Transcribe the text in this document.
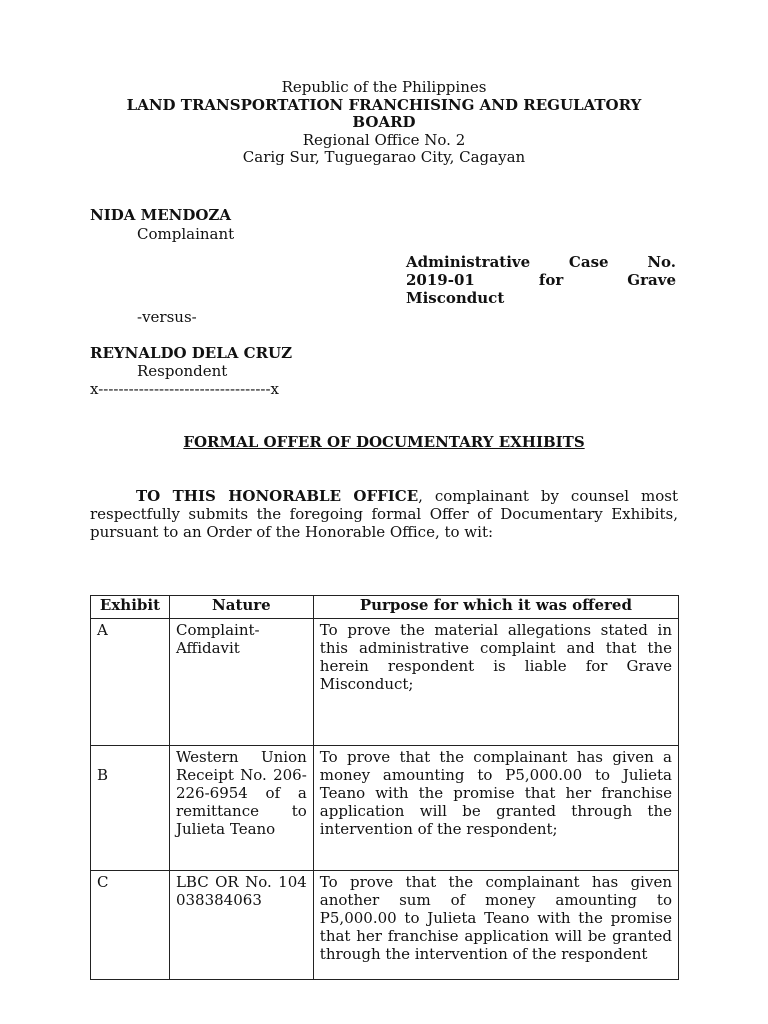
Republic of the Philippines
LAND TRANSPORTATION FRANCHISING AND REGULATORY
BOARD
Regional Office No. 2
Carig Sur, Tuguegarao City, Cagayan
NIDA MENDOZA
Complainant
Administrative Case No.
2019-01 for Grave
Misconduct
-versus-
REYNALDO DELA CRUZ
Respondent
x----------------------------------x
FORMAL OFFER OF DOCUMENTARY EXHIBITS
TO THIS HONORABLE OFFICE, complainant by counsel most respectfully submits the foregoing formal Offer of Documentary Exhibits, pursuant to an Order of the Honorable Office, to wit:
Exhibit	Nature	Purpose for which it was offered
A	Complaint-Affidavit	To prove the material allegations stated in this administrative complaint and that the herein respondent is liable for Grave Misconduct;
B	Western Union Receipt No. 206-226-6954 of a remittance to Julieta Teano	To prove that the complainant has given a money amounting to P5,000.00 to Julieta Teano with the promise that her franchise application will be granted through the intervention of the respondent;
C	LBC OR No. 104038384063	To prove that the complainant has given another sum of money amounting to P5,000.00 to Julieta Teano with the promise that her franchise application will be granted through the intervention of the respondent
